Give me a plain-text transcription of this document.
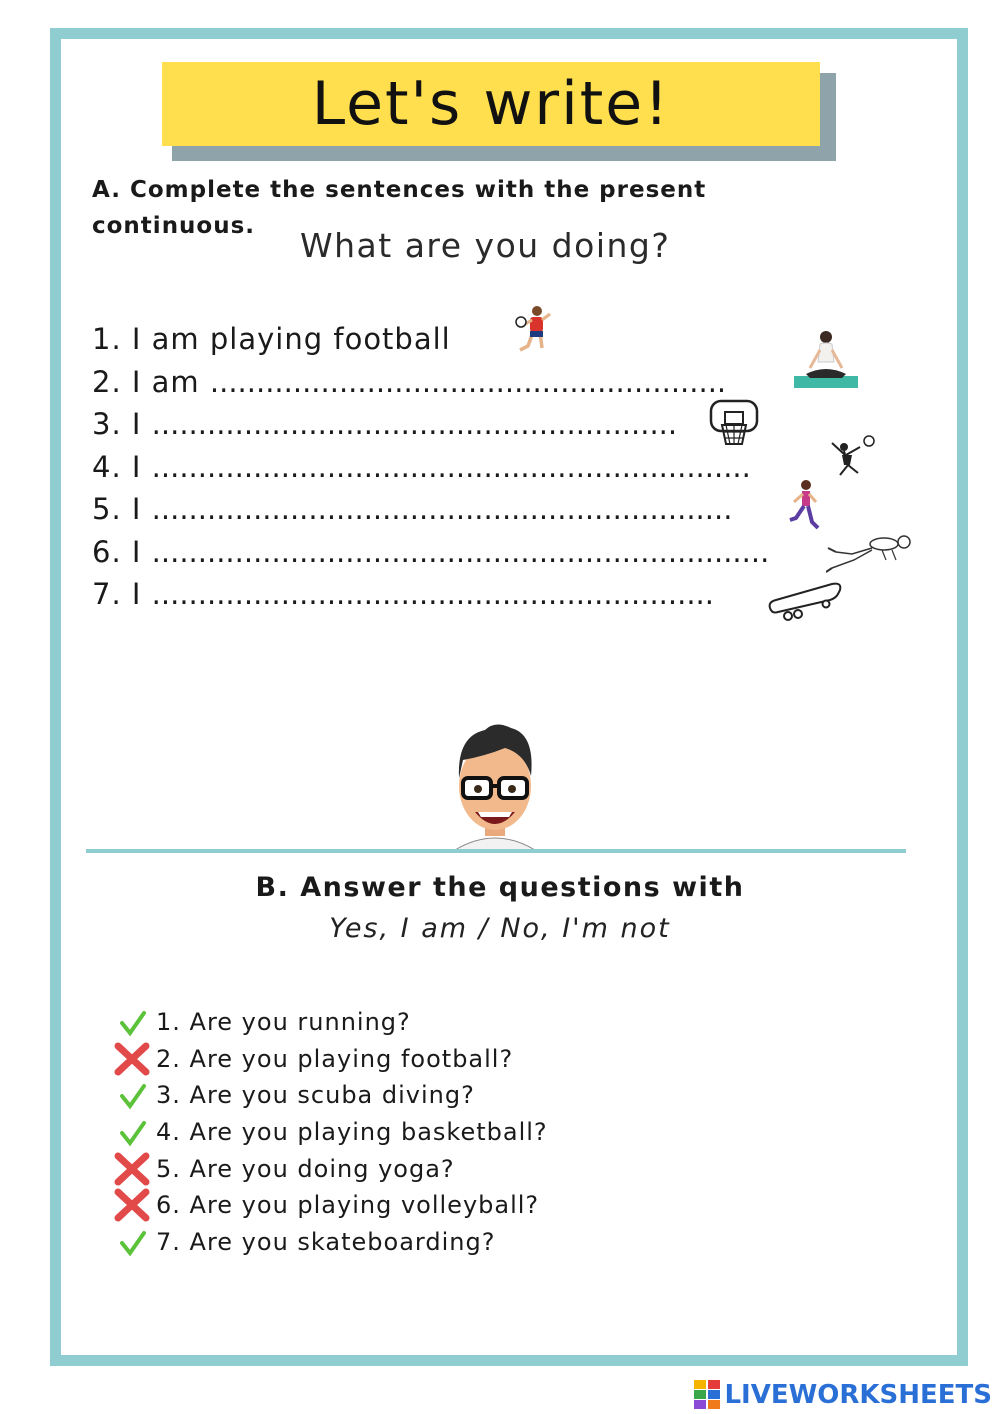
Let's write!
A. Complete the sentences with the present continuous.	What are you doing?
1. I am playing football
2. I am ........................................................
3. I .........................................................
4. I .................................................................
5. I ...............................................................
6. I ...................................................................
7. I .............................................................
B. Answer the questions with
Yes, I am / No, I'm not
1. Are you running?
2. Are you playing football?
3. Are you scuba diving?
4. Are you playing basketball?
5. Are you doing yoga?
6. Are you playing volleyball?
7. Are you skateboarding?
LIVEWORKSHEETS
